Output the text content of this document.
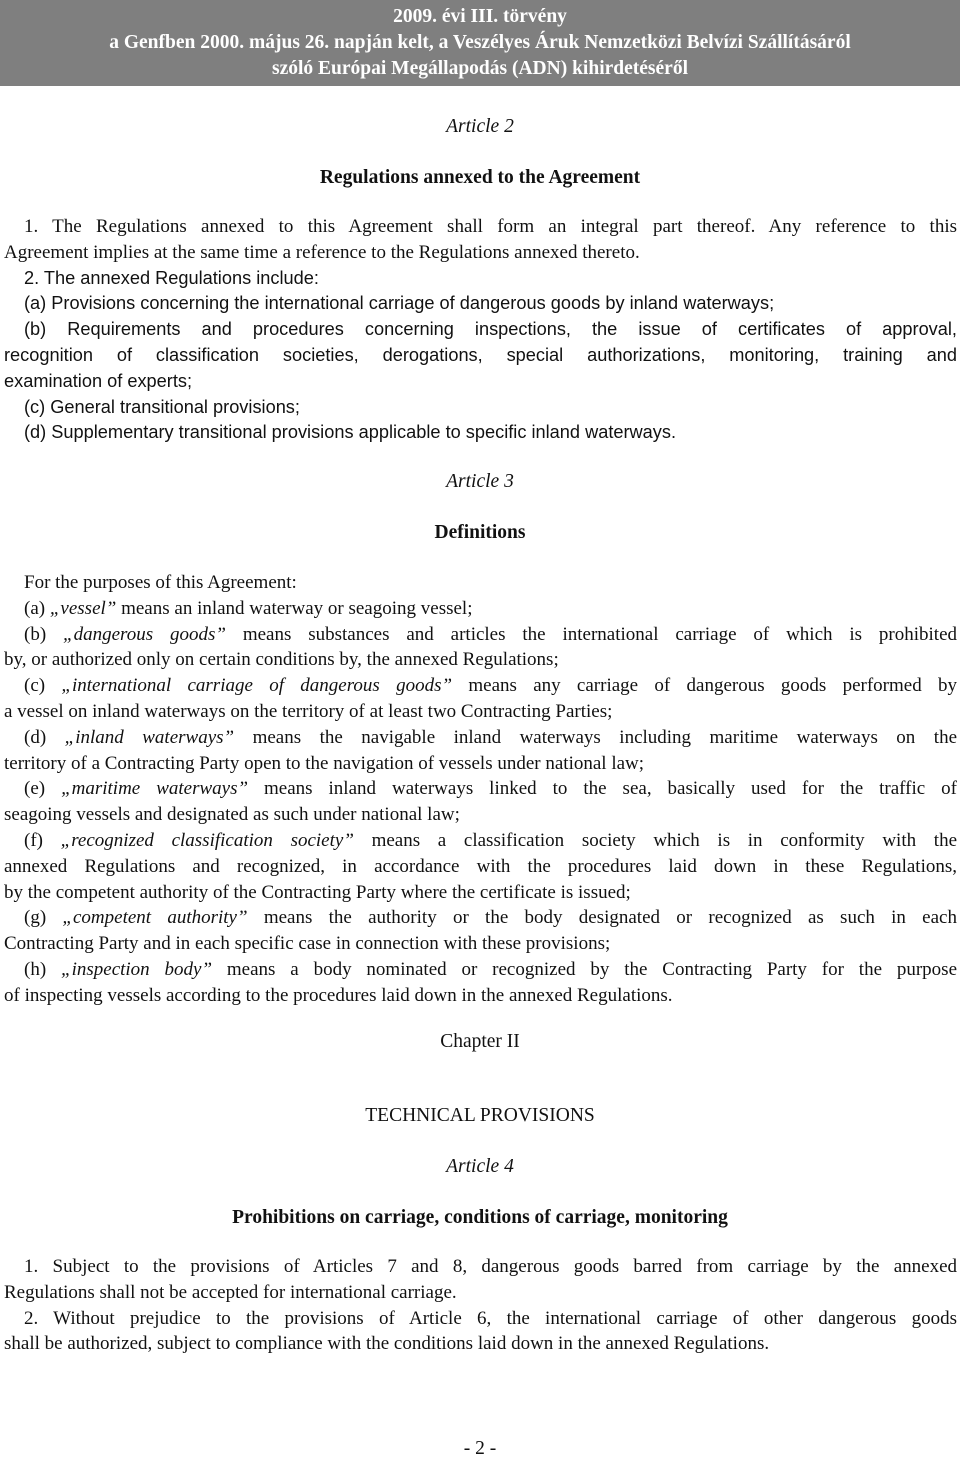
2009. évi III. törvény
a Genfben 2000. május 26. napján kelt, a Veszélyes Áruk Nemzetközi Belvízi Szállításáról
szóló Európai Megállapodás (ADN) kihirdetéséről
Article 2
Regulations annexed to the Agreement
1. The Regulations annexed to this Agreement shall form an integral part thereof. Any reference to this
Agreement implies at the same time a reference to the Regulations annexed thereto.
2. The annexed Regulations include:
(a) Provisions concerning the international carriage of dangerous goods by inland waterways;
(b) Requirements and procedures concerning inspections, the issue of certificates of approval,
recognition of classification societies, derogations, special authorizations, monitoring, training and
examination of experts;
(c) General transitional provisions;
(d) Supplementary transitional provisions applicable to specific inland waterways.
Article 3
Definitions
For the purposes of this Agreement:
(a) „vessel” means an inland waterway or seagoing vessel;
(b) „dangerous goods” means substances and articles the international carriage of which is prohibited
by, or authorized only on certain conditions by, the annexed Regulations;
(c) „international carriage of dangerous goods” means any carriage of dangerous goods performed by
a vessel on inland waterways on the territory of at least two Contracting Parties;
(d) „inland waterways” means the navigable inland waterways including maritime waterways on the
territory of a Contracting Party open to the navigation of vessels under national law;
(e) „maritime waterways” means inland waterways linked to the sea, basically used for the traffic of
seagoing vessels and designated as such under national law;
(f) „recognized classification society” means a classification society which is in conformity with the
annexed Regulations and recognized, in accordance with the procedures laid down in these Regulations,
by the competent authority of the Contracting Party where the certificate is issued;
(g) „competent authority” means the authority or the body designated or recognized as such in each
Contracting Party and in each specific case in connection with these provisions;
(h) „inspection body” means a body nominated or recognized by the Contracting Party for the purpose
of inspecting vessels according to the procedures laid down in the annexed Regulations.
Chapter II
TECHNICAL PROVISIONS
Article 4
Prohibitions on carriage, conditions of carriage, monitoring
1. Subject to the provisions of Articles 7 and 8, dangerous goods barred from carriage by the annexed
Regulations shall not be accepted for international carriage.
2. Without prejudice to the provisions of Article 6, the international carriage of other dangerous goods
shall be authorized, subject to compliance with the conditions laid down in the annexed Regulations.
- 2 -
